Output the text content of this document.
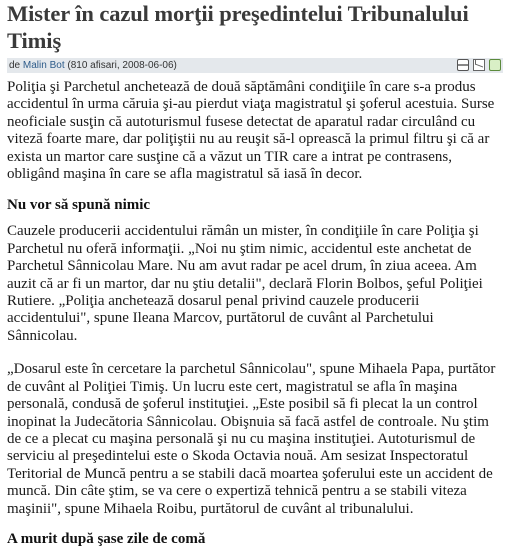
Mister în cazul morţii preşedintelui Tribunalului Timiş
de Malin Bot (810 afisari, 2008-06-06)

Poliţia şi Parchetul anchetează de două săptămâni condiţiile în care s-a produs accidentul în urma căruia şi-au pierdut viaţa magistratul şi şoferul acestuia. Surse neoficiale susţin că autoturismul fusese detectat de aparatul radar circulând cu viteză foarte mare, dar poliţiştii nu au reuşit să-l oprească la primul filtru şi că ar exista un martor care susţine că a văzut un TIR care a intrat pe contrasens, obligând maşina în care se afla magistratul să iasă în decor.

Nu vor să spună nimic

Cauzele producerii accidentului rămân un mister, în condiţiile în care Poliţia şi Parchetul nu oferă informaţii. „Noi nu ştim nimic, accidentul este anchetat de Parchetul Sânnicolau Mare. Nu am avut radar pe acel drum, în ziua aceea. Am auzit că ar fi un martor, dar nu ştiu detalii", declară Florin Bolbos, şeful Poliţiei Rutiere. „Poliţia anchetează dosarul penal privind cauzele producerii accidentului", spune Ileana Marcov, purtătorul de cuvânt al Parchetului Sânnicolau.

„Dosarul este în cercetare la parchetul Sânnicolau", spune Mihaela Papa, purtător de cuvânt al Poliţiei Timiş. Un lucru este cert, magistratul se afla în maşina personală, condusă de şoferul instituţiei. „Este posibil să fi plecat la un control inopinat la Judecătoria Sânnicolau. Obişnuia să facă astfel de controale. Nu ştim de ce a plecat cu maşina personală şi nu cu maşina instituţiei. Autoturismul de serviciu al preşedintelui este o Skoda Octavia nouă. Am sesizat Inspectoratul Teritorial de Muncă pentru a se stabili dacă moartea şoferului este un accident de muncă. Din câte ştim, se va cere o expertiză tehnică pentru a se stabili viteza maşinii", spune Mihaela Roibu, purtătorul de cuvânt al tribunalului.

A murit după şase zile de comă
